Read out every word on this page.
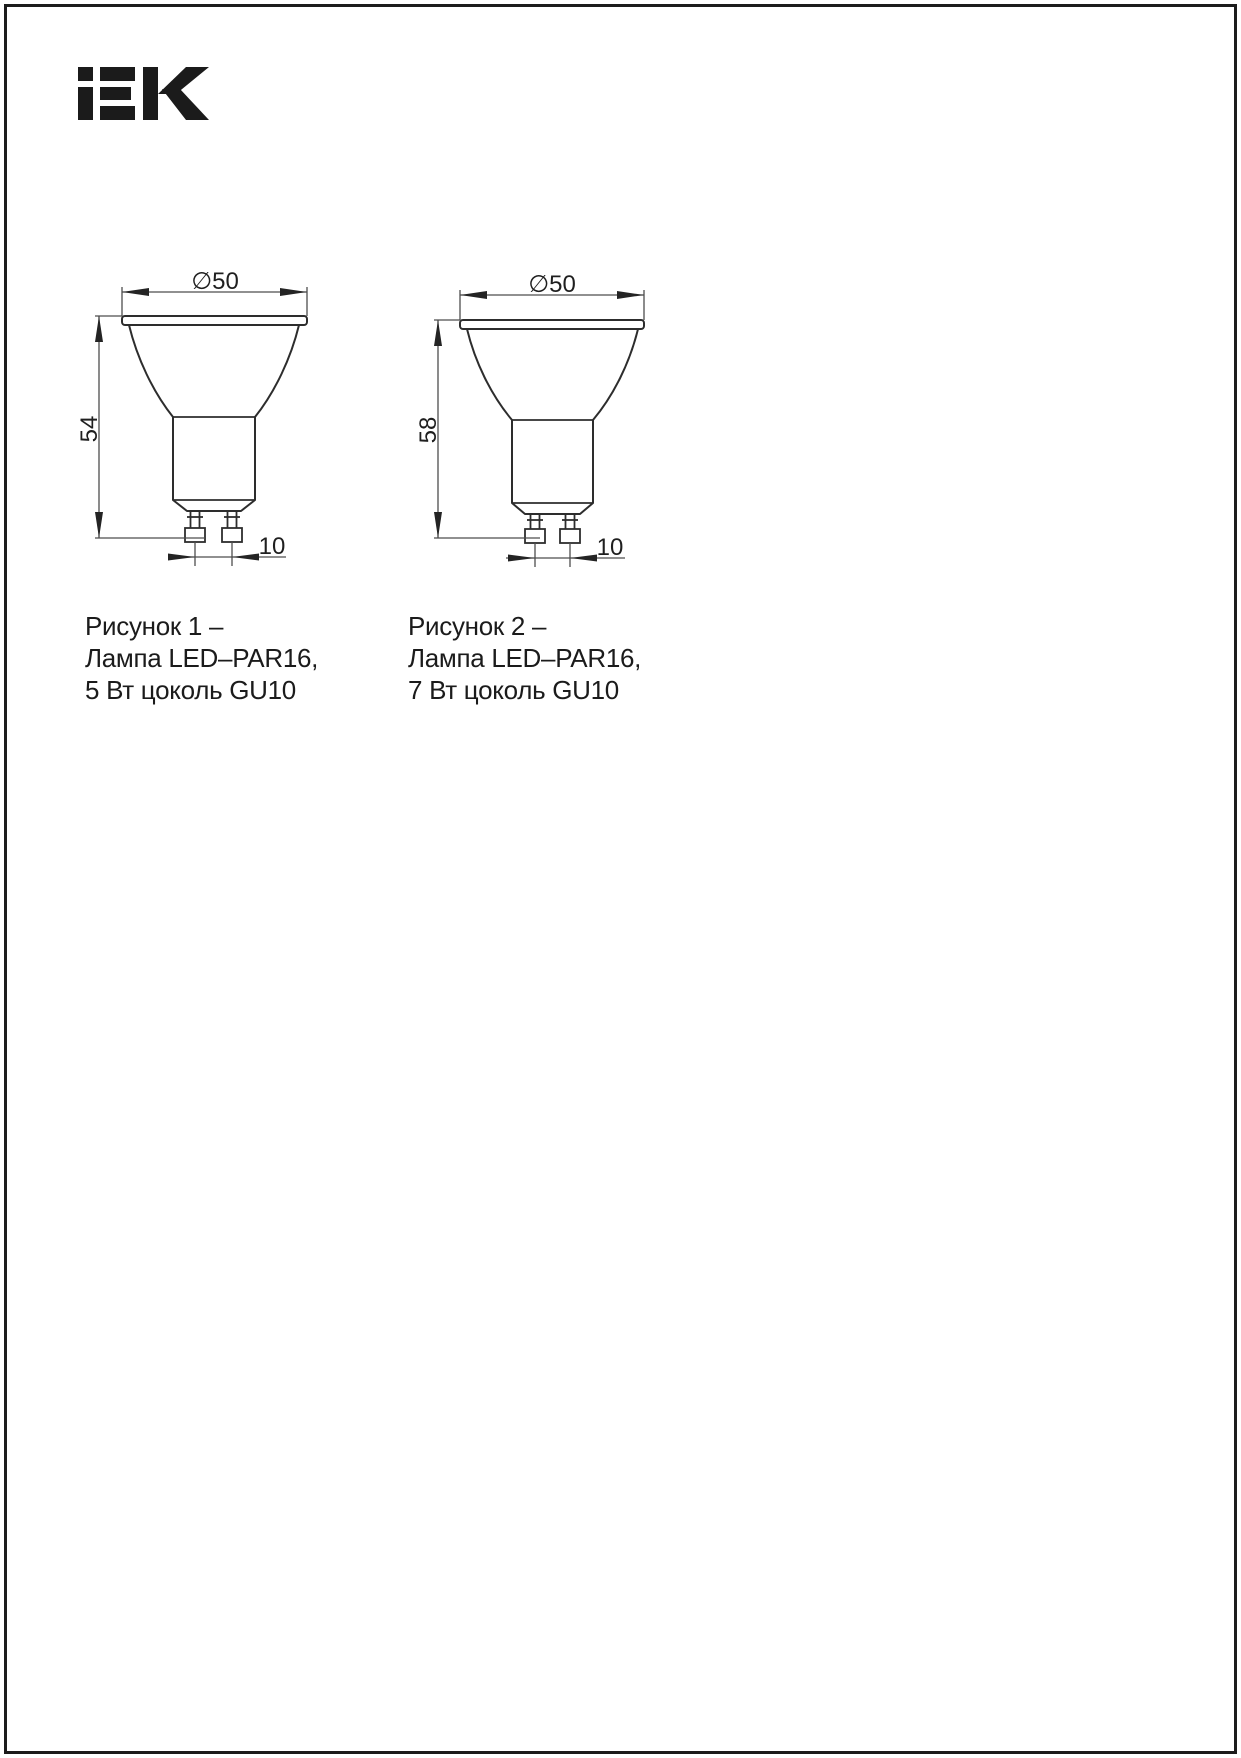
∅50
54
10
∅50
58
10
Рисунок 1 –
Лампа LED–PAR16,
5 Вт цоколь GU10
Рисунок 2 –
Лампа LED–PAR16,
7 Вт цоколь GU10
